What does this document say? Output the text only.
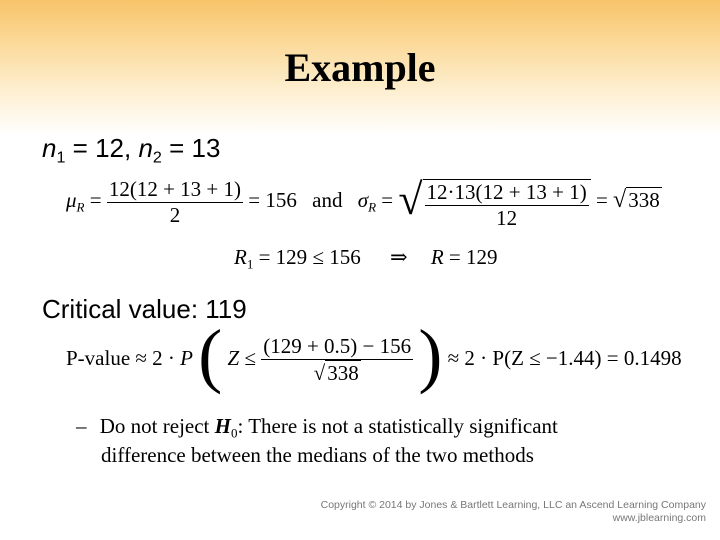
Example
$n_1 = 12$, $n_2 = 13$
$\mu_R = \frac{12(12 + 13 + 1)}{2} = 156$ and $\sigma_R$ = √ $\frac{12\cdot 13(12 + 13 + 1)}{12} = √338$
$R_1 = 129 \le 156$ ⇒ R = 129
Critical value: 119
P-value ≈ 2 · P ( $Z \le \frac{(129 + 0.5) - 156}{√338}$ ) ≈ 2 · P(Z ≤ −1.44) = 0.1498
– Do not reject $H_0$: There is not a statistically significant
difference between the medians of the two methods
Copyright © 2014 by Jones & Bartlett Learning, LLC an Ascend Learning Company
www.jblearning.com
